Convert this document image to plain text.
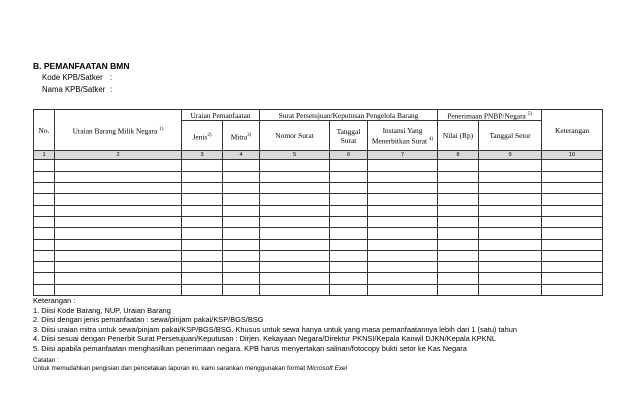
B. PEMANFAATAN BMN
Kode KPB/Satker :
Nama KPB/Satker :
No.	Uraian Barang Milik Negara $^{1)}$	Uraian Pemanfaatan		Surat Persetujuan/Keputusan Pengelola Barang			Penerimaan PNBP/Negara $^{5)}$		Keterangan
		Jenis$^{2)}$	Mitra$^{3)}$	Nomor Surat	Tanggal Surat	Instansi Yang Menerbitkan Surat $^{4)}$	Nilai (Rp)	Tanggal Setor	
1	2	3	4	5	6	7	8	9	10

Keterangan :
1. Diisi Kode Barang, NUP, Uraian Barang
2. Diisi dengan jenis pemanfaatan : sewa/pinjam pakai/KSP/BGS/BSG
3. Diisi uraian mitra untuk sewa/pinjam pakai/KSP/BGS/BSG. Khusus untuk sewa hanya untuk yang masa pemanfaatannya lebih dari 1 (satu) tahun
4. Diisi sesuai dengan Penerbit Surat Persetujuan/Keputusan : Dirjen. Kekayaan Negara/Direktur PKNSI/Kepala Kanwil DJKN/Kepala KPKNL
5. Diisi apabila pemanfaatan menghasilkan penerimaan negara. KPB harus menyertakan salinan/fotocopy bukti setor ke Kas Negara
Catatan :
Untuk memudahkan pengisian dan pencetakan laporan ini, kami sarankan menggunakan format Microsoft Exel
